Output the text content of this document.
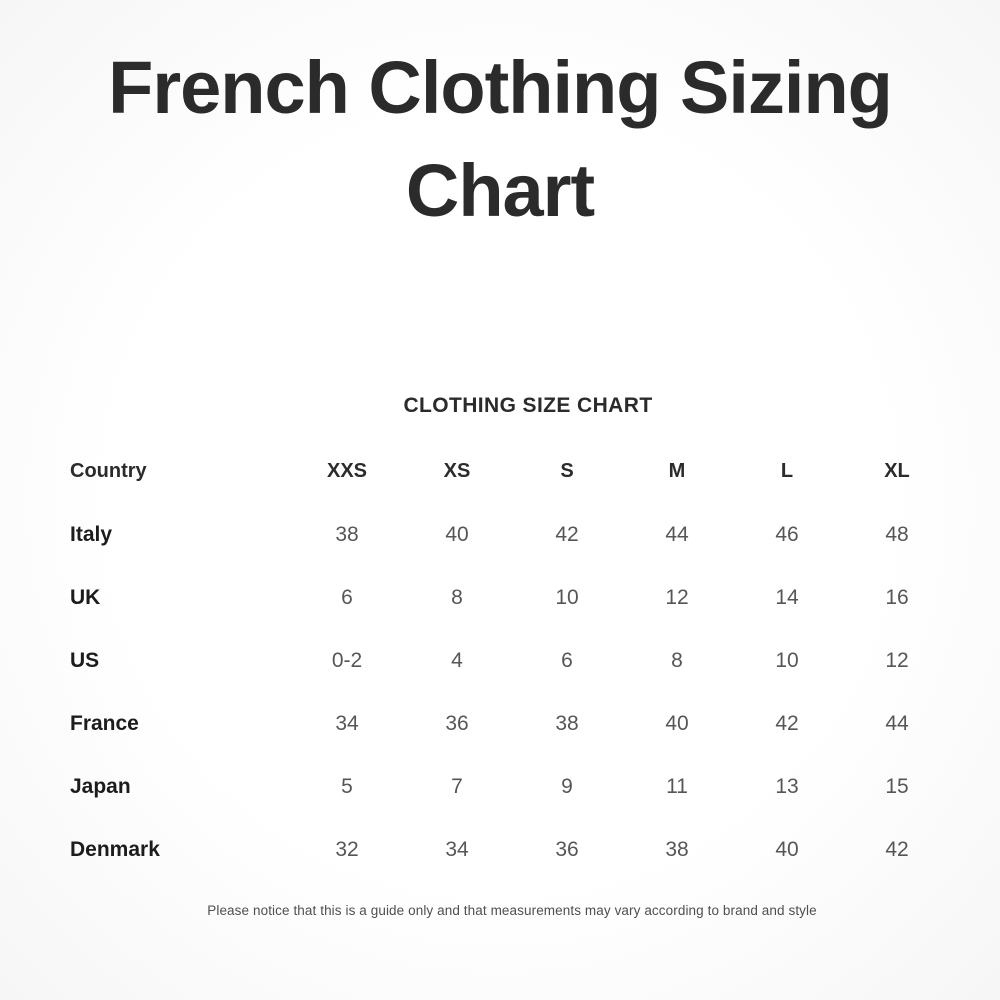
French Clothing Sizing
Chart
CLOTHING SIZE CHART
Country	XXS	XS	S	M	L	XL
Italy	38	40	42	44	46	48
UK	6	8	10	12	14	16
US	0-2	4	6	8	10	12
France	34	36	38	40	42	44
Japan	5	7	9	11	13	15
Denmark	32	34	36	38	40	42
Please notice that this is a guide only and that measurements may vary according to brand and style
